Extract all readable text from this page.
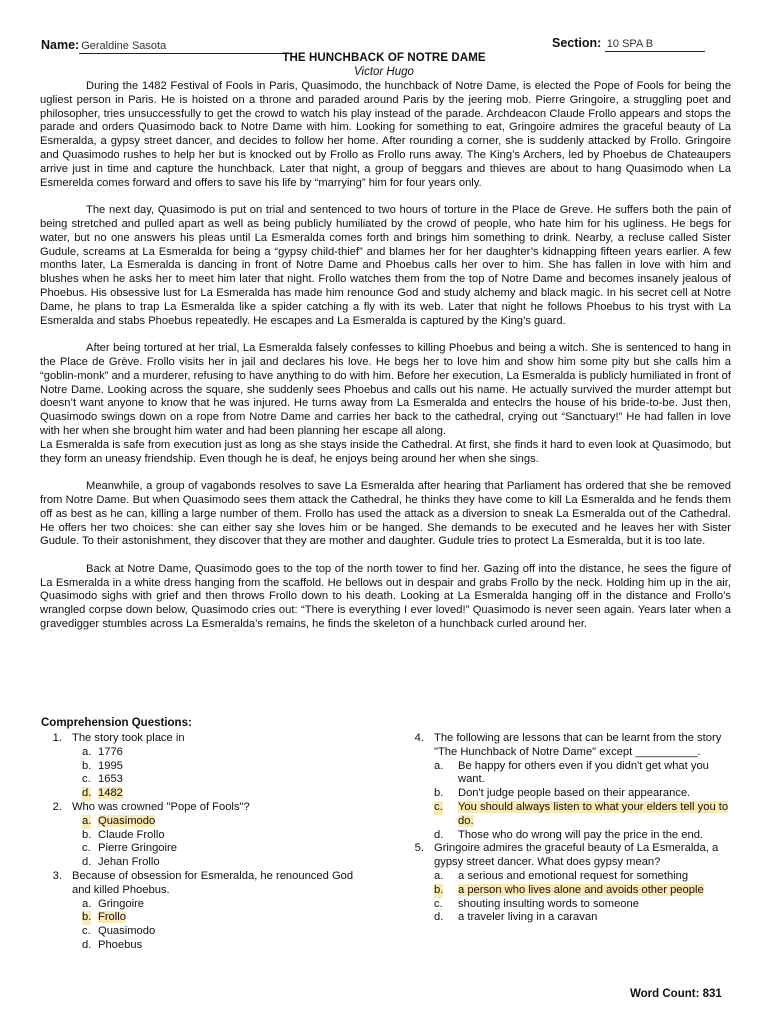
Name: Geraldine Sasota	Section: 10 SPA B
THE HUNCHBACK OF NOTRE DAME
Victor Hugo

During the 1482 Festival of Fools in Paris, Quasimodo, the hunchback of Notre Dame, is elected the Pope of Fools for being the ugliest person in Paris. He is hoisted on a throne and paraded around Paris by the jeering mob. Pierre Gringoire, a struggling poet and philosopher, tries unsuccessfully to get the crowd to watch his play instead of the parade. Archdeacon Claude Frollo appears and stops the parade and orders Quasimodo back to Notre Dame with him. Looking for something to eat, Gringoire admires the graceful beauty of La Esmeralda, a gypsy street dancer, and decides to follow her home. After rounding a corner, she is suddenly attacked by Frollo. Gringoire and Quasimodo rushes to help her but is knocked out by Frollo as Frollo runs away. The King’s Archers, led by Phoebus de Chateaupers arrive just in time and capture the hunchback. Later that night, a group of beggars and thieves are about to hang Quasimodo when La Esmerelda comes forward and offers to save his life by “marrying” him for four years only.

The next day, Quasimodo is put on trial and sentenced to two hours of torture in the Place de Greve. He suffers both the pain of being stretched and pulled apart as well as being publicly humiliated by the crowd of people, who hate him for his ugliness. He begs for water, but no one answers his pleas until La Esmeralda comes forth and brings him something to drink. Nearby, a recluse called Sister Gudule, screams at La Esmeralda for being a “gypsy child-thief” and blames her for her daughter’s kidnapping fifteen years earlier. A few months later, La Esmeralda is dancing in front of Notre Dame and Phoebus calls her over to him. She has fallen in love with him and blushes when he asks her to meet him later that night. Frollo watches them from the top of Notre Dame and becomes insanely jealous of Phoebus. His obsessive lust for La Esmeralda has made him renounce God and study alchemy and black magic. In his secret cell at Notre Dame, he plans to trap La Esmeralda like a spider catching a fly with its web. Later that night he follows Phoebus to his tryst with La Esmeralda and stabs Phoebus repeatedly. He escapes and La Esmeralda is captured by the King’s guard.

After being tortured at her trial, La Esmeralda falsely confesses to killing Phoebus and being a witch. She is sentenced to hang in the Place de Grève. Frollo visits her in jail and declares his love. He begs her to love him and show him some pity but she calls him a “goblin-monk” and a murderer, refusing to have anything to do with him. Before her execution, La Esmeralda is publicly humiliated in front of Notre Dame. Looking across the square, she suddenly sees Phoebus and calls out his name. He actually survived the murder attempt but doesn’t want anyone to know that he was injured. He turns away from La Esmeralda and enteclrs the house of his bride-to-be. Just then, Quasimodo swings down on a rope from Notre Dame and carries her back to the cathedral, crying out “Sanctuary!” He had fallen in love with her when she brought him water and had been planning her escape all along.

La Esmeralda is safe from execution just as long as she stays inside the Cathedral. At first, she finds it hard to even look at Quasimodo, but they form an uneasy friendship. Even though he is deaf, he enjoys being around her when she sings.

Meanwhile, a group of vagabonds resolves to save La Esmeralda after hearing that Parliament has ordered that she be removed from Notre Dame. But when Quasimodo sees them attack the Cathedral, he thinks they have come to kill La Esmeralda and he fends them off as best as he can, killing a large number of them. Frollo has used the attack as a diversion to sneak La Esmeralda out of the Cathedral. He offers her two choices: she can either say she loves him or be hanged. She demands to be executed and he leaves her with Sister Gudule. To their astonishment, they discover that they are mother and daughter. Gudule tries to protect La Esmeralda, but it is too late.

Back at Notre Dame, Quasimodo goes to the top of the north tower to find her. Gazing off into the distance, he sees the figure of La Esmeralda in a white dress hanging from the scaffold. He bellows out in despair and grabs Frollo by the neck. Holding him up in the air, Quasimodo sighs with grief and then throws Frollo down to his death. Looking at La Esmeralda hanging off in the distance and Frollo’s wrangled corpse down below, Quasimodo cries out: “There is everything I ever loved!” Quasimodo is never seen again. Years later when a gravedigger stumbles across La Esmeralda’s remains, he finds the skeleton of a hunchback curled around her.

Comprehension Questions:
1. The story took place in
a. 1776
b. 1995
c. 1653
d. 1482
2. Who was crowned "Pope of Fools"?
a. Quasimodo
b. Claude Frollo
c. Pierre Gringoire
d. Jehan Frollo
3. Because of obsession for Esmeralda, he renounced God and killed Phoebus.
a. Gringoire
b. Frollo
c. Quasimodo
d. Phoebus
4. The following are lessons that can be learnt from the story "The Hunchback of Notre Dame" except __________.
a. Be happy for others even if you didn't get what you want.
b. Don't judge people based on their appearance.
c. You should always listen to what your elders tell you to do.
d. Those who do wrong will pay the price in the end.
5. Gringoire admires the graceful beauty of La Esmeralda, a gypsy street dancer. What does gypsy mean?
a. a serious and emotional request for something
b. a person who lives alone and avoids other people
c. shouting insulting words to someone
d. a traveler living in a caravan
Word Count: 831
